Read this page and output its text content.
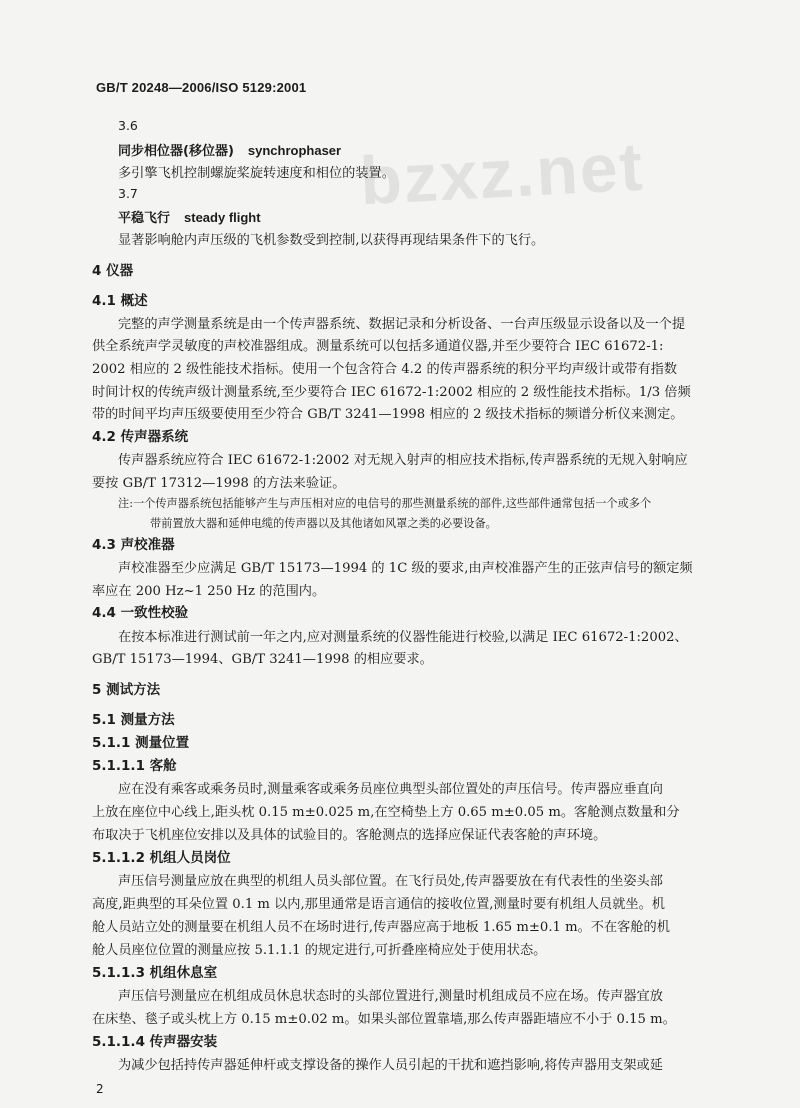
GB/T 20248—2006/ISO 5129:2001
bzxz.net
3.6
同步相位器(移位器) synchrophaser
多引擎飞机控制螺旋桨旋转速度和相位的装置。
3.7
平稳飞行 steady flight
显著影响舱内声压级的飞机参数受到控制,以获得再现结果条件下的飞行。
4 仪器
4.1 概述
完整的声学测量系统是由一个传声器系统、数据记录和分析设备、一台声压级显示设备以及一个提
供全系统声学灵敏度的声校准器组成。测量系统可以包括多通道仪器,并至少要符合 IEC 61672-1:
2002 相应的 2 级性能技术指标。使用一个包含符合 4.2 的传声器系统的积分平均声级计或带有指数
时间计权的传统声级计测量系统,至少要符合 IEC 61672-1:2002 相应的 2 级性能技术指标。1/3 倍频
带的时间平均声压级要使用至少符合 GB/T 3241—1998 相应的 2 级技术指标的频谱分析仪来测定。
4.2 传声器系统
传声器系统应符合 IEC 61672-1:2002 对无规入射声的相应技术指标,传声器系统的无规入射响应
要按 GB/T 17312—1998 的方法来验证。
注:一个传声器系统包括能够产生与声压相对应的电信号的那些测量系统的部件,这些部件通常包括一个或多个
带前置放大器和延伸电缆的传声器以及其他诸如风罩之类的必要设备。
4.3 声校准器
声校准器至少应满足 GB/T 15173—1994 的 1C 级的要求,由声校准器产生的正弦声信号的额定频
率应在 200 Hz~1 250 Hz 的范围内。
4.4 一致性校验
在按本标准进行测试前一年之内,应对测量系统的仪器性能进行校验,以满足 IEC 61672-1:2002、
GB/T 15173—1994、GB/T 3241—1998 的相应要求。
5 测试方法
5.1 测量方法
5.1.1 测量位置
5.1.1.1 客舱
应在没有乘客或乘务员时,测量乘客或乘务员座位典型头部位置处的声压信号。传声器应垂直向
上放在座位中心线上,距头枕 0.15 m±0.025 m,在空椅垫上方 0.65 m±0.05 m。客舱测点数量和分
布取决于飞机座位安排以及具体的试验目的。客舱测点的选择应保证代表客舱的声环境。
5.1.1.2 机组人员岗位
声压信号测量应放在典型的机组人员头部位置。在飞行员处,传声器要放在有代表性的坐姿头部
高度,距典型的耳朵位置 0.1 m 以内,那里通常是语言通信的接收位置,测量时要有机组人员就坐。机
舱人员站立处的测量要在机组人员不在场时进行,传声器应高于地板 1.65 m±0.1 m。不在客舱的机
舱人员座位位置的测量应按 5.1.1.1 的规定进行,可折叠座椅应处于使用状态。
5.1.1.3 机组休息室
声压信号测量应在机组成员休息状态时的头部位置进行,测量时机组成员不应在场。传声器宜放
在床垫、毯子或头枕上方 0.15 m±0.02 m。如果头部位置靠墙,那么传声器距墙应不小于 0.15 m。
5.1.1.4 传声器安装
为减少包括持传声器延伸杆或支撑设备的操作人员引起的干扰和遮挡影响,将传声器用支架或延
2
